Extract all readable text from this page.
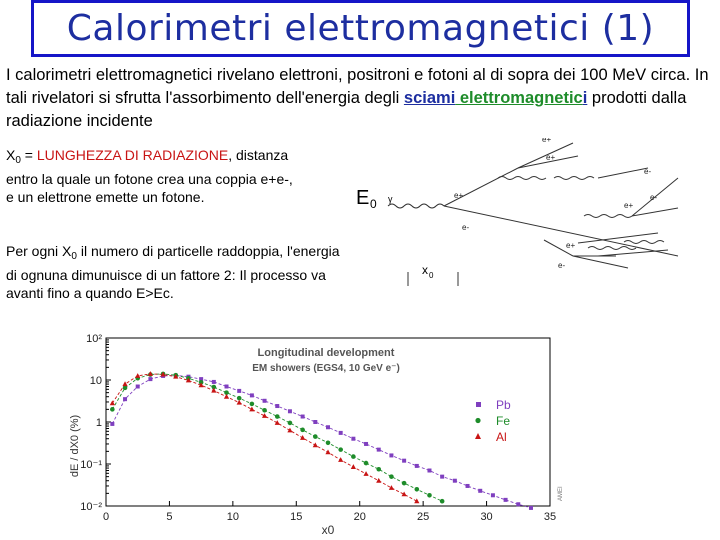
Calorimetri elettromagnetici (1)
I calorimetri elettromagnetici rivelano elettroni, positroni e fotoni al di sopra dei 100 MeV circa. In tali rivelatori si sfrutta l'assorbimento dell'energia degli sciami elettromagnetici prodotti dalla radiazione incidente
$X_0$ = LUNGHEZZA DI RADIAZIONE, distanza entro la quale un fotone crea una coppia e+e-, e un elettrone emette un fotone.
Per ogni $X_0$ il numero di particelle raddoppia, l'energia di ognuna dimunuisce di un fattore 2: Il processo va avanti fino a quando E>Ec.
E 0 γ
x 0
e+
e+
e+
e-
e-
e+
e-
e+
e-
0	5	10	15	20	25	30	35
10⁻²
10⁻¹
1
10
10²
Longitudinal development
EM showers (EGS4, 10 GeV e⁻)
dE / dX0 (%)
x0
AMEI
Pb
Fe
Al
